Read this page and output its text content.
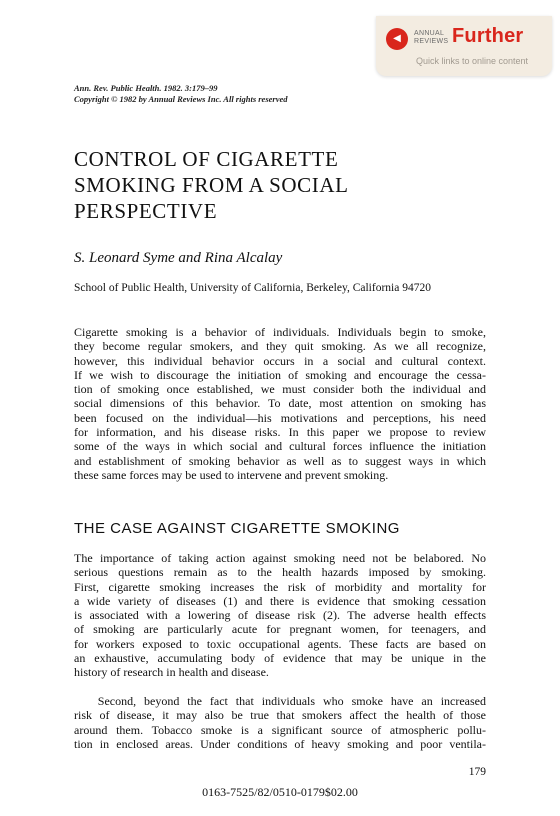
◀	ANNUAL
REVIEWS Further
Quick links to online content
Ann. Rev. Public Health. 1982. 3:179–99
Copyright © 1982 by Annual Reviews Inc. All rights reserved
CONTROL OF CIGARETTE
SMOKING FROM A SOCIAL
PERSPECTIVE
S. Leonard Syme and Rina Alcalay
School of Public Health, University of California, Berkeley, California 94720

Cigarette smoking is a behavior of individuals. Individuals begin to smoke,
they become regular smokers, and they quit smoking. As we all recognize,
however, this individual behavior occurs in a social and cultural context.
If we wish to discourage the initiation of smoking and encourage the cessa-
tion of smoking once established, we must consider both the individual and
social dimensions of this behavior. To date, most attention on smoking has
been focused on the individual—his motivations and perceptions, his need
for information, and his disease risks. In this paper we propose to review
some of the ways in which social and cultural forces influence the initiation
and establishment of smoking behavior as well as to suggest ways in which
these same forces may be used to intervene and prevent smoking.

THE CASE AGAINST CIGARETTE SMOKING

The importance of taking action against smoking need not be belabored. No
serious questions remain as to the health hazards imposed by smoking.
First, cigarette smoking increases the risk of morbidity and mortality for
a wide variety of diseases (1) and there is evidence that smoking cessation
is associated with a lowering of disease risk (2). The adverse health effects
of smoking are particularly acute for pregnant women, for teenagers, and
for workers exposed to toxic occupational agents. These facts are based on
an exhaustive, accumulating body of evidence that may be unique in the
history of research in health and disease.

Second, beyond the fact that individuals who smoke have an increased
risk of disease, it may also be true that smokers affect the health of those
around them. Tobacco smoke is a significant source of atmospheric pollu-
tion in enclosed areas. Under conditions of heavy smoking and poor ventila-

179
0163-7525/82/0510-0179$02.00
